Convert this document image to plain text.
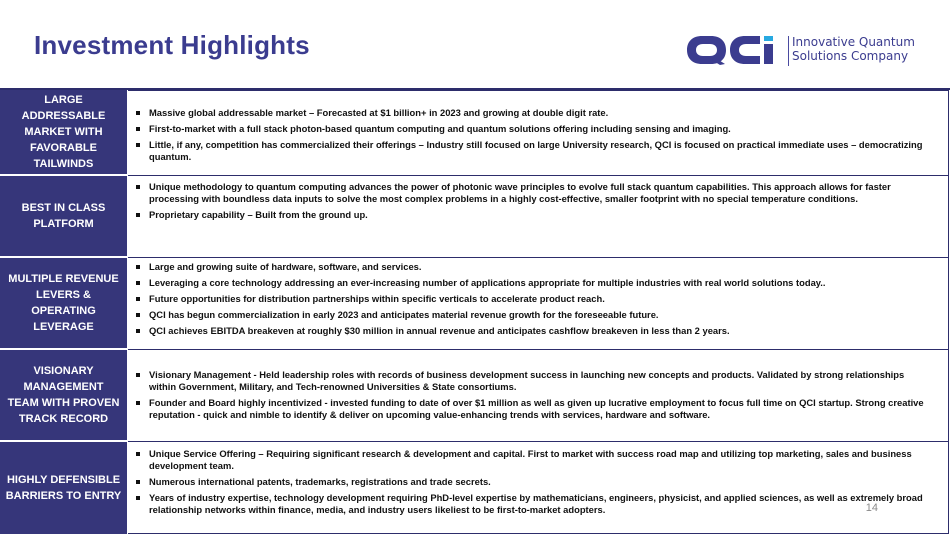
Investment Highlights	Innovative Quantum
Solutions Company
LARGE
ADDRESSABLE
MARKET WITH
FAVORABLE
TAILWINDS
Massive global addressable market – Forecasted at $1 billion+ in 2023 and growing at double digit rate.
First-to-market with a full stack photon-based quantum computing and quantum solutions offering including sensing and imaging.
Little, if any, competition has commercialized their offerings – Industry still focused on large University research, QCI is focused on practical immediate uses – democratizing quantum.
BEST IN CLASS
PLATFORM
Unique methodology to quantum computing advances the power of photonic wave principles to evolve full stack quantum capabilities. This approach allows for faster processing with boundless data inputs to solve the most complex problems in a highly cost-effective, smaller footprint with no special temperature conditions.
Proprietary capability – Built from the ground up.
MULTIPLE REVENUE
LEVERS &
OPERATING
LEVERAGE
Large and growing suite of hardware, software, and services.
Leveraging a core technology addressing an ever-increasing number of applications appropriate for multiple industries with real world solutions today..
Future opportunities for distribution partnerships within specific verticals to accelerate product reach.
QCI has begun commercialization in early 2023 and anticipates material revenue growth for the foreseeable future.
QCI achieves EBITDA breakeven at roughly $30 million in annual revenue and anticipates cashflow breakeven in less than 2 years.
VISIONARY
MANAGEMENT
TEAM WITH PROVEN
TRACK RECORD
Visionary Management - Held leadership roles with records of business development success in launching new concepts and products. Validated by strong relationships within Government, Military, and Tech-renowned Universities & State consortiums.
Founder and Board highly incentivized - invested funding to date of over $1 million as well as given up lucrative employment to focus full time on QCI startup. Strong creative reputation - quick and nimble to identify & deliver on upcoming value-enhancing trends with services, hardware and software.
HIGHLY DEFENSIBLE
BARRIERS TO ENTRY
Unique Service Offering – Requiring significant research & development and capital. First to market with success road map and utilizing top marketing, sales and business development team.
Numerous international patents, trademarks, registrations and trade secrets.
Years of industry expertise, technology development requiring PhD-level expertise by mathematicians, engineers, physicist, and applied sciences, as well as extremely broad relationship networks within finance, media, and industry users likeliest to be first-to-market adopters.	14
